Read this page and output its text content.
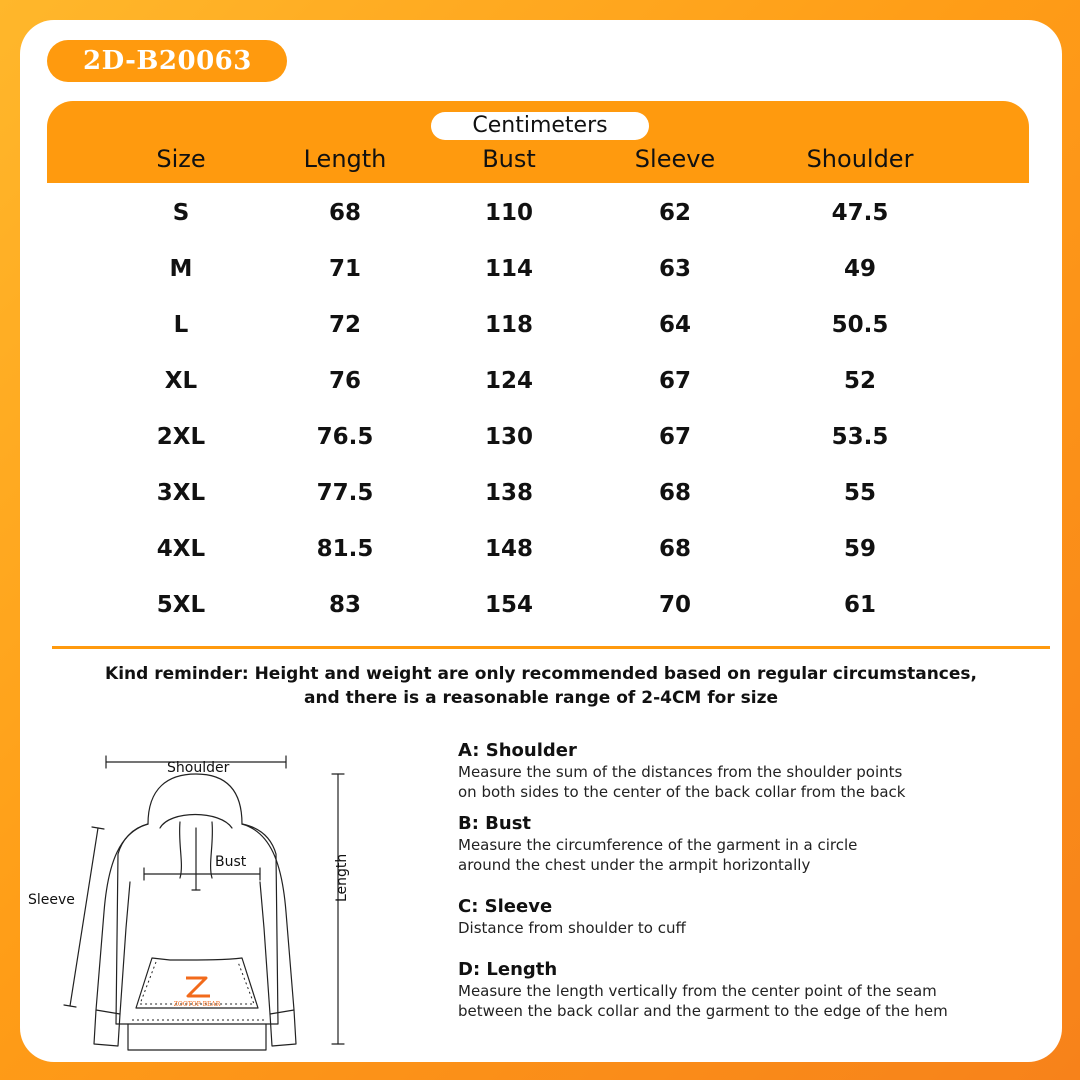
2D-B20063
Centimeters
Size	Length	Bust	Sleeve	Shoulder
S	68	110	62	47.5
M	71	114	63	49
L	72	118	64	50.5
XL	76	124	67	52
2XL	76.5	130	67	53.5
3XL	77.5	138	68	55
4XL	81.5	148	68	59
5XL	83	154	70	61
Kind reminder: Height and weight are only recommended based on regular circumstances,
and there is a reasonable range of 2-4CM for size
ZOOTOP BEAR
Shoulder
Bust
Sleeve	Length
A: Shoulder
Measure the sum of the distances from the shoulder points
on both sides to the center of the back collar from the back
B: Bust
Measure the circumference of the garment in a circle
around the chest under the armpit horizontally
C: Sleeve
Distance from shoulder to cuff
D: Length
Measure the length vertically from the center point of the seam
between the back collar and the garment to the edge of the hem
